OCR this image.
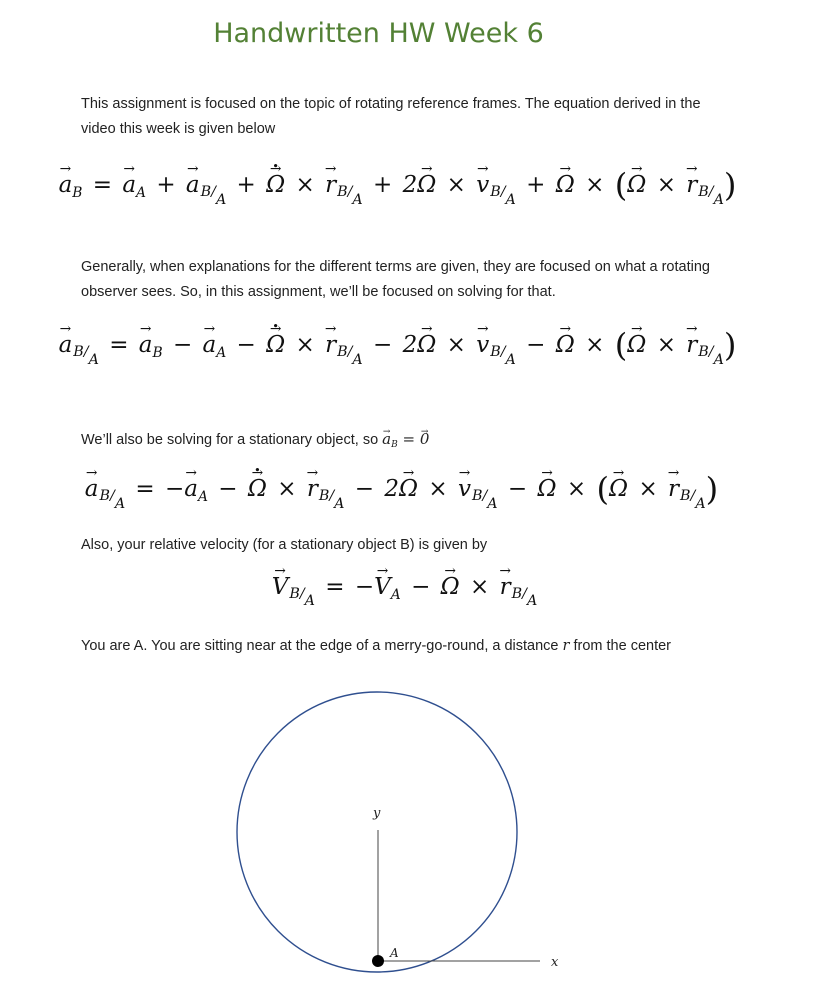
Handwritten HW Week 6
This assignment is focused on the topic of rotating reference frames. The equation derived in the video this week is given below
→ $a_B$ = → $a_A$ + → aB/A + → Ω • × → rB/A + 2→ Ω × → vB/A + → Ω × (→ Ω × → rB/A)
Generally, when explanations for the different terms are given, they are focused on what a rotating observer sees. So, in this assignment, we’ll be focused on solving for that.
→ aB/A = → $a_B$ − → $a_A$ − → Ω • × → rB/A − 2→ Ω × → vB/A − → Ω × (→ Ω × → rB/A)
We’ll also be solving for a stationary object, so → $a_B$ = → 0
→ aB/A = −→ $a_A$ − → Ω • × → rB/A − 2→ Ω × → vB/A − → Ω × (→ Ω × → rB/A)
Also, your relative velocity (for a stationary object B) is given by
→ VB/A = −→ $V_A$ − → Ω × → rB/A
You are A. You are sitting near at the edge of a merry-go-round, a distance r from the center
y
x
A
